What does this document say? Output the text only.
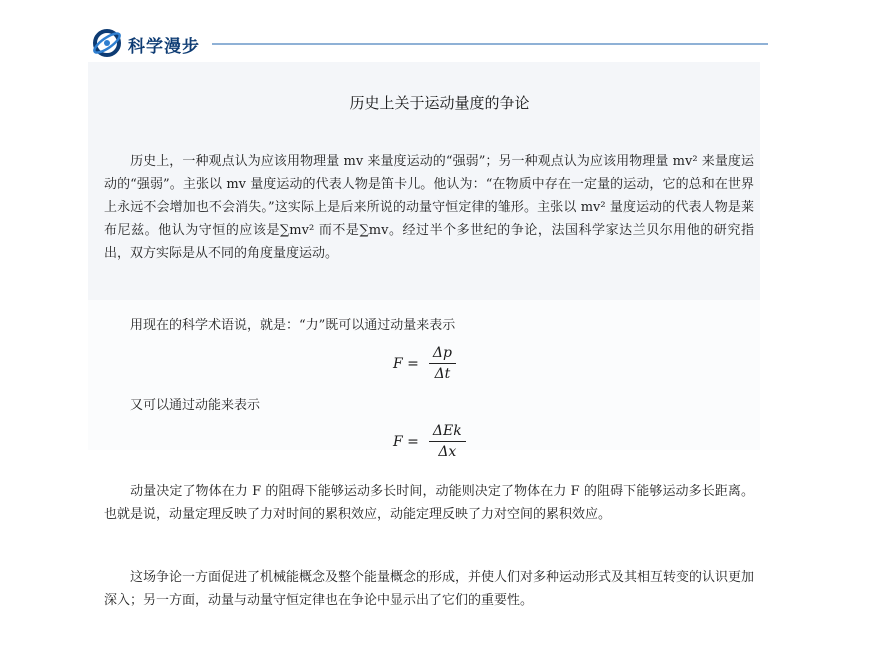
科学漫步
历史上关于运动量度的争论
历史上，一种观点认为应该用物理量 mv 来量度运动的“强弱”；另一种观点认为应该用物理量 mv² 来量度运动的“强弱”。主张以 mv 量度运动的代表人物是笛卡儿。他认为：“在物质中存在一定量的运动，它的总和在世界上永远不会增加也不会消失。”这实际上是后来所说的动量守恒定律的雏形。主张以 mv² 量度运动的代表人物是莱布尼兹。他认为守恒的应该是∑mv² 而不是∑mv。经过半个多世纪的争论，法国科学家达兰贝尔用他的研究指出，双方实际是从不同的角度量度运动。
用现在的科学术语说，就是：“力”既可以通过动量来表示
$F = \frac{\Delta p}{\Delta t}$
又可以通过动能来表示
$F = \frac{\text{ΔEk}}{\Delta x}$
动量决定了物体在力 F 的阻碍下能够运动多长时间，动能则决定了物体在力 F 的阻碍下能够运动多长距离。也就是说，动量定理反映了力对时间的累积效应，动能定理反映了力对空间的累积效应。
这场争论一方面促进了机械能概念及整个能量概念的形成，并使人们对多种运动形式及其相互转变的认识更加深入；另一方面，动量与动量守恒定律也在争论中显示出了它们的重要性。
